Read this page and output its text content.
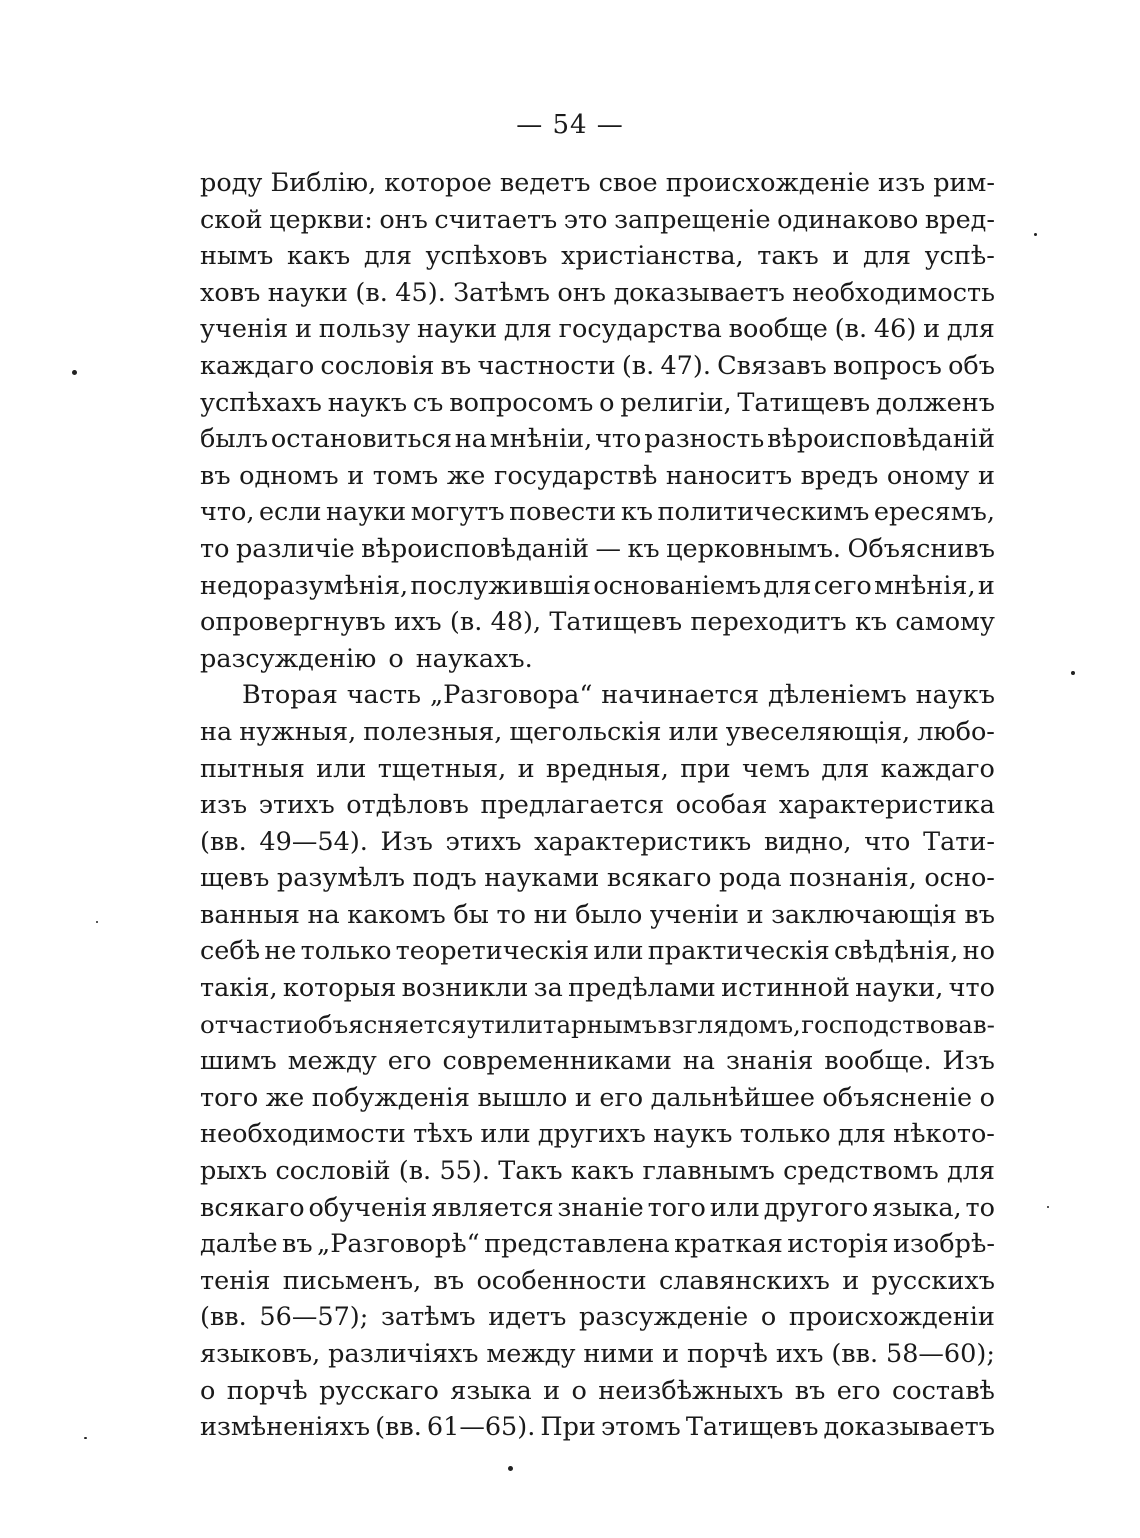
— 54 —
роду Библію, которое ведетъ свое происхожденіе изъ рим-
ской церкви: онъ считаетъ это запрещеніе одинаково вред-
нымъ какъ для успѣховъ христіанства, такъ и для успѣ-
ховъ науки (в. 45). Затѣмъ онъ доказываетъ необходимость
ученія и пользу науки для государства вообще (в. 46) и для
каждаго сословія въ частности (в. 47). Связавъ вопросъ объ
успѣхахъ наукъ съ вопросомъ о религіи, Татищевъ долженъ
былъ остановиться на мнѣніи, что разность вѣроисповѣданій
въ одномъ и томъ же государствѣ наноситъ вредъ оному и
что, если науки могутъ повести къ политическимъ ересямъ,
то различіе вѣроисповѣданій — къ церковнымъ. Объяснивъ
недоразумѣнія, послужившія основаніемъ для сего мнѣнія, и
опровергнувъ ихъ (в. 48), Татищевъ переходитъ къ самому
разсужденію о наукахъ.
Вторая часть „Разговора“ начинается дѣленіемъ наукъ
на нужныя, полезныя, щегольскія или увеселяющія, любо-
пытныя или тщетныя, и вредныя, при чемъ для каждаго
изъ этихъ отдѣловъ предлагается особая характеристика
(вв. 49—54). Изъ этихъ характеристикъ видно, что Тати-
щевъ разумѣлъ подъ науками всякаго рода познанія, осно-
ванныя на какомъ бы то ни было ученіи и заключающія въ
себѣ не только теоретическія или практическія свѣдѣнія, но
такія, которыя возникли за предѣлами истинной науки, что
отчасти объясняется утилитарнымъ взглядомъ, господствовав-
шимъ между его современниками на знанія вообще. Изъ
того же побужденія вышло и его дальнѣйшее объясненіе о
необходимости тѣхъ или другихъ наукъ только для нѣкото-
рыхъ сословій (в. 55). Такъ какъ главнымъ средствомъ для
всякаго обученія является знаніе того или другого языка, то
далѣе въ „Разговорѣ“ представлена краткая исторія изобрѣ-
тенія письменъ, въ особенности славянскихъ и русскихъ
(вв. 56—57); затѣмъ идетъ разсужденіе о происхожденіи
языковъ, различіяхъ между ними и порчѣ ихъ (вв. 58—60);
о порчѣ русскаго языка и о неизбѣжныхъ въ его составѣ
измѣненіяхъ (вв. 61—65). При этомъ Татищевъ доказываетъ
